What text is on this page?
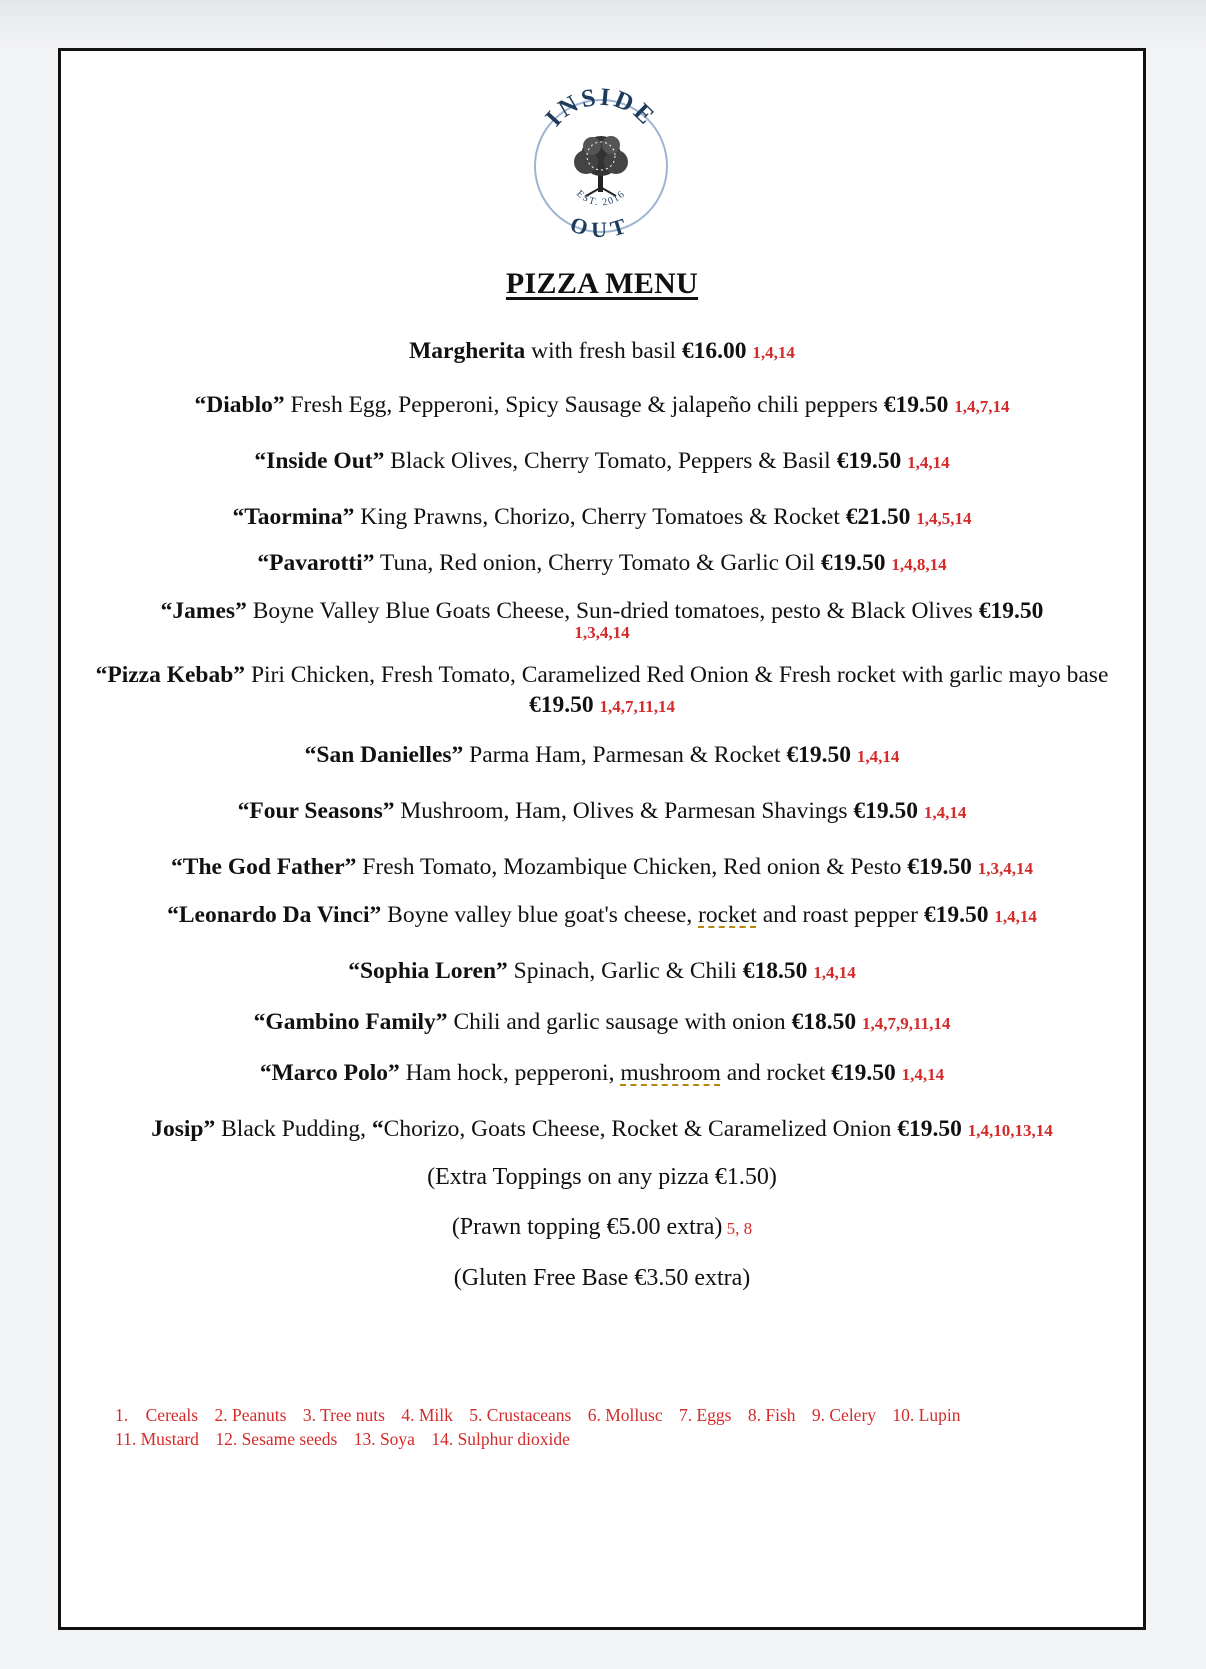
INSIDE
EST. 2016
OUT
PIZZA MENU
Margherita with fresh basil €16.00 1,4,14
“Diablo” Fresh Egg, Pepperoni, Spicy Sausage & jalapeño chili peppers €19.50 1,4,7,14
“Inside Out” Black Olives, Cherry Tomato, Peppers & Basil €19.50 1,4,14
“Taormina” King Prawns, Chorizo, Cherry Tomatoes & Rocket €21.50 1,4,5,14
“Pavarotti” Tuna, Red onion, Cherry Tomato & Garlic Oil €19.50 1,4,8,14
“James” Boyne Valley Blue Goats Cheese, Sun-dried tomatoes, pesto & Black Olives €19.50
1,3,4,14
“Pizza Kebab” Piri Chicken, Fresh Tomato, Caramelized Red Onion & Fresh rocket with garlic mayo base €19.50 1,4,7,11,14
“San Danielles” Parma Ham, Parmesan & Rocket €19.50 1,4,14
“Four Seasons” Mushroom, Ham, Olives & Parmesan Shavings €19.50 1,4,14
“The God Father” Fresh Tomato, Mozambique Chicken, Red onion & Pesto €19.50 1,3,4,14
“Leonardo Da Vinci” Boyne valley blue goat's cheese, rocket and roast pepper €19.50 1,4,14
“Sophia Loren” Spinach, Garlic & Chili €18.50 1,4,14
“Gambino Family” Chili and garlic sausage with onion €18.50 1,4,7,9,11,14
“Marco Polo” Ham hock, pepperoni, mushroom and rocket €19.50 1,4,14
Josip” Black Pudding, “Chorizo, Goats Cheese, Rocket & Caramelized Onion €19.50 1,4,10,13,14
(Extra Toppings on any pizza €1.50)
(Prawn topping €5.00 extra) 5, 8
(Gluten Free Base €3.50 extra)
1.    Cereals 2. Peanuts 3. Tree nuts 4. Milk 5. Crustaceans 6. Mollusc 7. Eggs 8. Fish 9. Celery 10. Lupin
11. Mustard 12. Sesame seeds 13. Soya 14. Sulphur dioxide
